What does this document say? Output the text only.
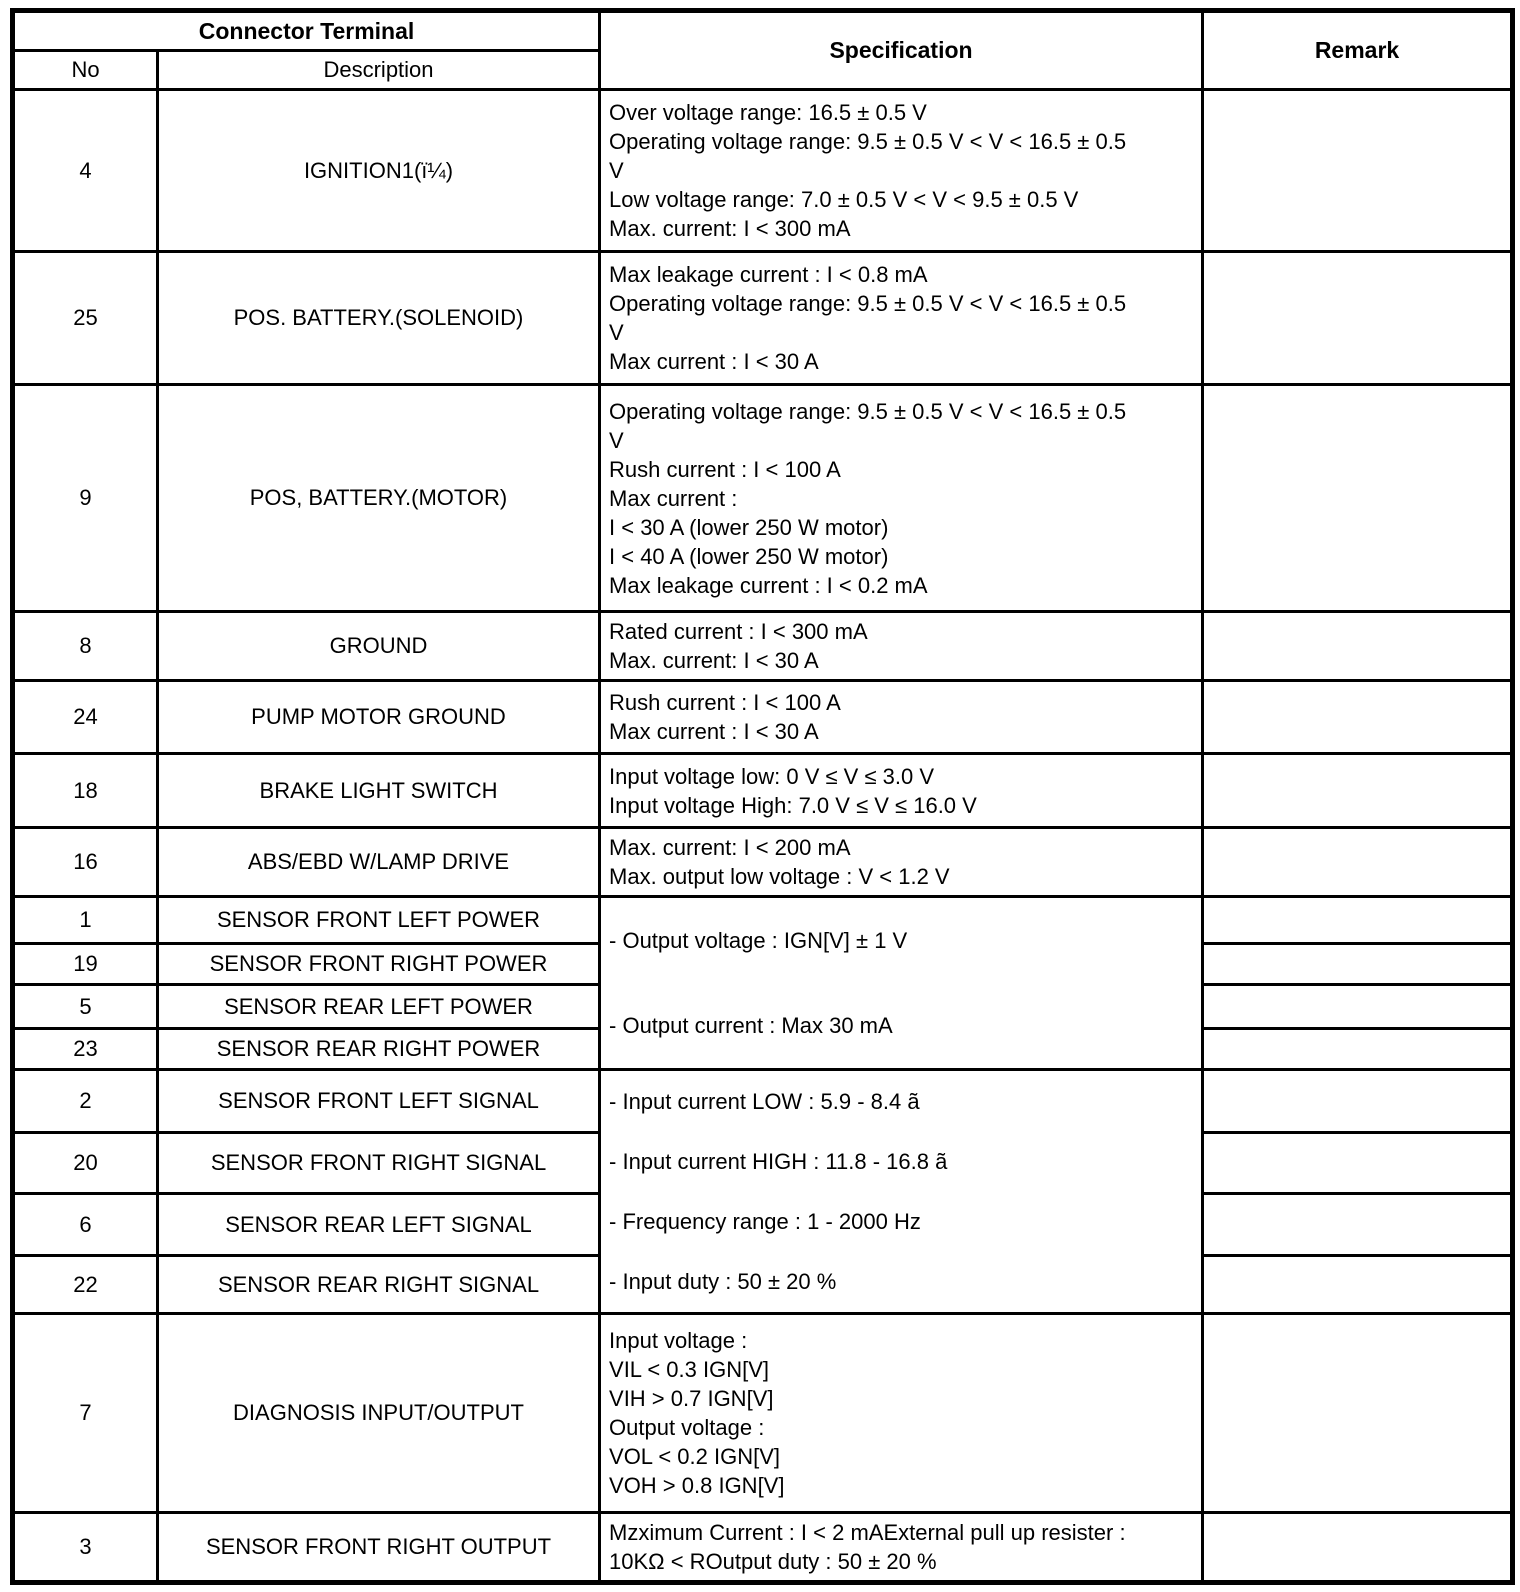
Connector Terminal		Specification	Remark
No	Description		
4	IGNITION1(ï¼)	Over voltage range: 16.5 ± 0.5 V
Operating voltage range: 9.5 ± 0.5 V < V < 16.5 ± 0.5
V
Low voltage range: 7.0 ± 0.5 V < V < 9.5 ± 0.5 V
Max. current: I < 300 mA	

25	POS. BATTERY.(SOLENOID)	Max leakage current : I < 0.8 mA
Operating voltage range: 9.5 ± 0.5 V < V < 16.5 ± 0.5
V
Max current : I < 30 A	

9	POS, BATTERY.(MOTOR)	
Operating voltage range: 9.5 ± 0.5 V < V < 16.5 ± 0.5
V
Rush current : I < 100 A
Max current :
I < 30 A (lower 250 W motor)
I < 40 A (lower 250 W motor)
Max leakage current : I < 0.2 mA

8	GROUND	Rated current : I < 300 mA
Max. current: I < 30 A	

24	PUMP MOTOR GROUND	Rush current : I < 100 A
Max current : I < 30 A	

18	BRAKE LIGHT SWITCH	Input voltage low: 0 V ≤ V ≤ 3.0 V
Input voltage High: 7.0 V ≤ V ≤ 16.0 V	

16	ABS/EBD W/LAMP DRIVE	Max. current: I < 200 mA
Max. output low voltage : V < 1.2 V	

1	SENSOR FRONT LEFT POWER	- Output voltage : IGN[V] ± 1 V
- Output current : Max 30 mA	

19	SENSOR FRONT RIGHT POWER		
5	SENSOR REAR LEFT POWER		
23	SENSOR REAR RIGHT POWER		
2	SENSOR FRONT LEFT SIGNAL	- Input current LOW : 5.9 - 8.4 ã
- Input current HIGH : 11.8 - 16.8 ã
- Frequency range : 1 - 2000 Hz
- Input duty : 50 ± 20 %	

20	SENSOR FRONT RIGHT SIGNAL		
6	SENSOR REAR LEFT SIGNAL		
22	SENSOR REAR RIGHT SIGNAL		
7	DIAGNOSIS INPUT/OUTPUT	
Input voltage :
VIL < 0.3 IGN[V]
VIH > 0.7 IGN[V]
Output voltage :
VOL < 0.2 IGN[V]
VOH > 0.8 IGN[V]

3	SENSOR FRONT RIGHT OUTPUT	Mzximum Current : I < 2 mAExternal pull up resister :
10KΩ < ROutput duty : 50 ± 20 %	
